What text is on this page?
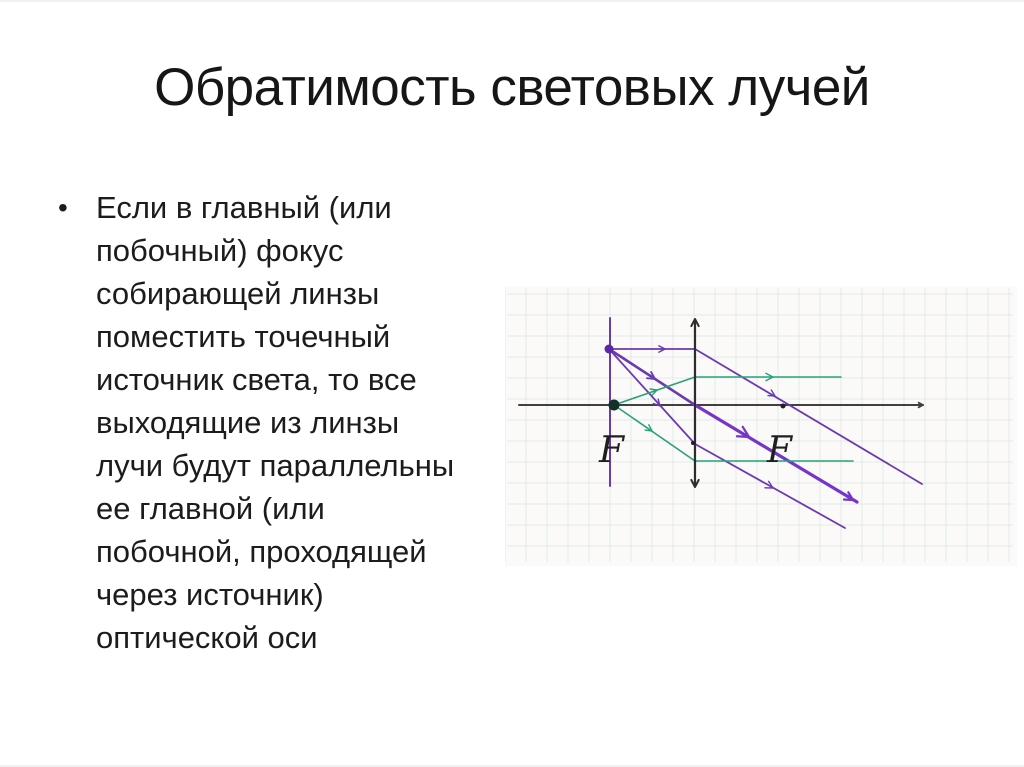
Обратимость световых лучей
• Если в главный (или
побочный) фокус
собирающей линзы
поместить точечный
источник света, то все
выходящие из линзы
лучи будут параллельны
ее главной (или
побочной, проходящей
через источник)
оптической оси
F	F
